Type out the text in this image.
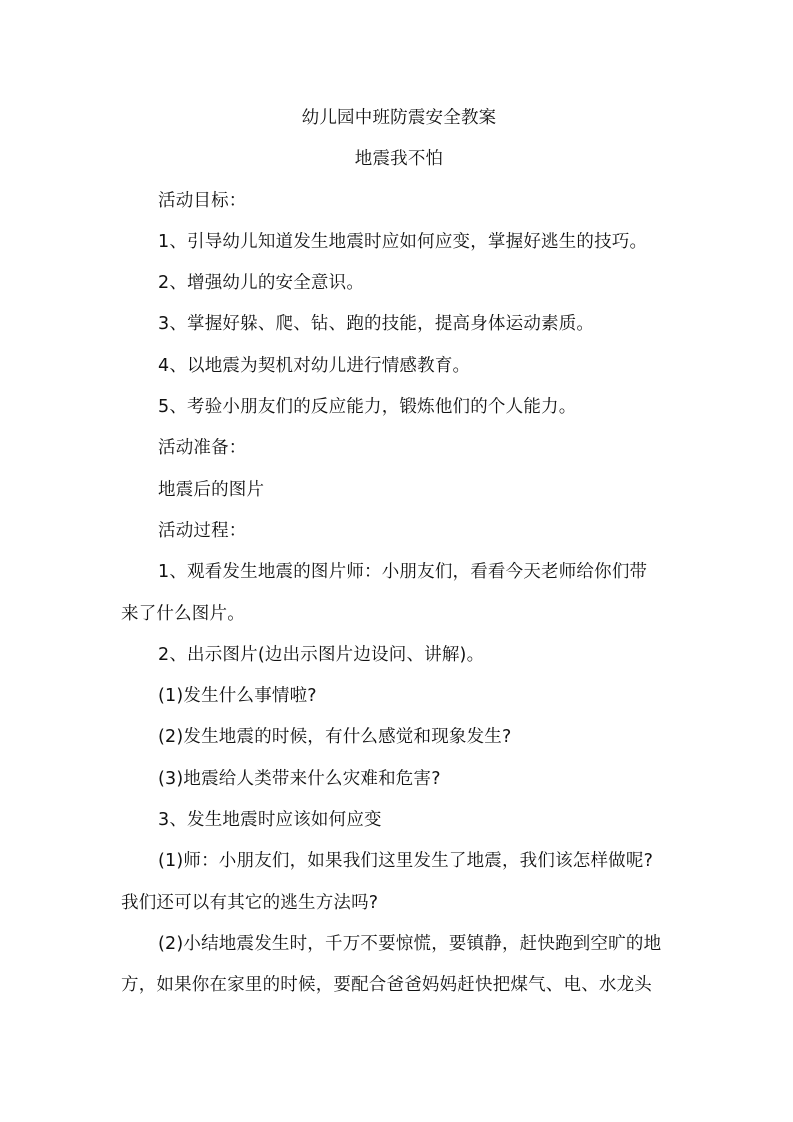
幼儿园中班防震安全教案
地震我不怕
活动目标：
1、引导幼儿知道发生地震时应如何应变，掌握好逃生的技巧。
2、增强幼儿的安全意识。
3、掌握好躲、爬、钻、跑的技能，提高身体运动素质。
4、以地震为契机对幼儿进行情感教育。
5、考验小朋友们的反应能力，锻炼他们的个人能力。
活动准备：
地震后的图片
活动过程：
1、观看发生地震的图片师：小朋友们，看看今天老师给你们带
来了什么图片。
2、出示图片(边出示图片边设问、讲解)。
(1)发生什么事情啦?
(2)发生地震的时候，有什么感觉和现象发生?
(3)地震给人类带来什么灾难和危害?
3、发生地震时应该如何应变
(1)师：小朋友们，如果我们这里发生了地震，我们该怎样做呢?
我们还可以有其它的逃生方法吗?
(2)小结地震发生时，千万不要惊慌，要镇静，赶快跑到空旷的地
方，如果你在家里的时候，要配合爸爸妈妈赶快把煤气、电、水龙头
